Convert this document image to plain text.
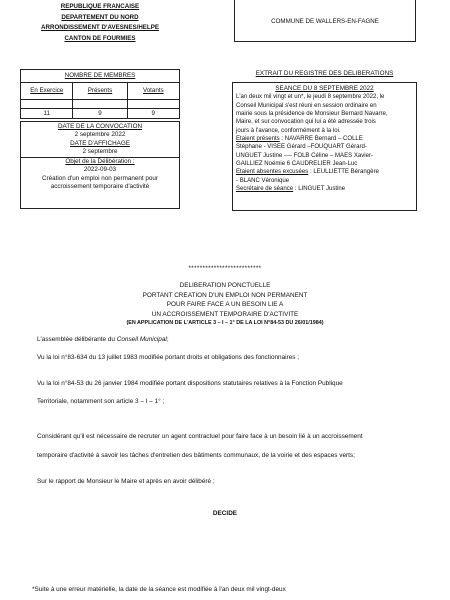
REPUBLIQUE FRANCAISE
DEPARTEMENT DU NORD
ARRONDISSEMENT D'AVESNES/HELPE
CANTON DE FOURMIES
COMMUNE DE WALLERS-EN-FAGNE
NOMBRE DE MEMBRES		
En Exercice	Présents	Votants

11	9	9
DATE DE LA CONVOCATION
2 septembre 2022
DATE D'AFFICHAGE
2 septembre
Objet de la Délibération :
2022-09-03
Création d'un emploi non permanent pour
accroissement temporaire d'activité
EXTRAIT DU REGISTRE DES DELIBERATIONS
SEANCE DU 8 SEPTEMBRE 2022
L'an deux mil vingt et un*, le jeudi 8 septembre 2022, le
Conseil Municipal s'est réuni en session ordinaire en
mairie sous la présidence de Monsieur Bernard Navarre,
Maire, et sur convocation qui lui a été adressée trois
jours à l'avance, conformément à la loi.
Etaient présents : NAVARRE Bernard – COLLE
Stéphane - VISEE Gérard –FOUQUART Gérard-
UNGUET Justine ---- FOLB Céline – MAES Xavier-
GAILLIEZ Noémie 6 CAUDRELIER Jean-Luc
Etaient absentes excusées : LEULLIETTE Bérangère
- BLANC Véronique
Secrétaire de séance : LINGUET Justine
**************************
DELIBERATION PONCTUELLE
PORTANT CREATION D'UN EMPLOI NON PERMANENT
POUR FAIRE FACE A UN BESOIN LIE A
UN ACCROISSEMENT TEMPORAIRE D'ACTIVITE
(EN APPLICATION DE L'ARTICLE 3 – I – 1° DE LA LOI N°84-53 DU 26/01/1984)
L'assemblée délibérante du Conseil Municipal;
Vu la loi n°83-634 du 13 juillet 1983 modifiée portant droits et obligations des fonctionnaires ;
Vu la loi n°84-53 du 26 janvier 1984 modifiée portant dispositions statutaires relatives à la Fonction Publique
Territoriale, notamment son article 3 – I – 1° ;
Considérant qu'il est nécessaire de recruter un agent contractuel pour faire face à un besoin lié à un accroissement
temporaire d'activité à savoir les tâches d'entretien des bâtiments communaux, de la voirie et des espaces verts;
Sur le rapport de Monsieur le Maire et après en avoir délibéré ;
DECIDE
*Suite à une erreur matérielle, la date de la séance est modifiée à l'an deux mil vingt-deux
